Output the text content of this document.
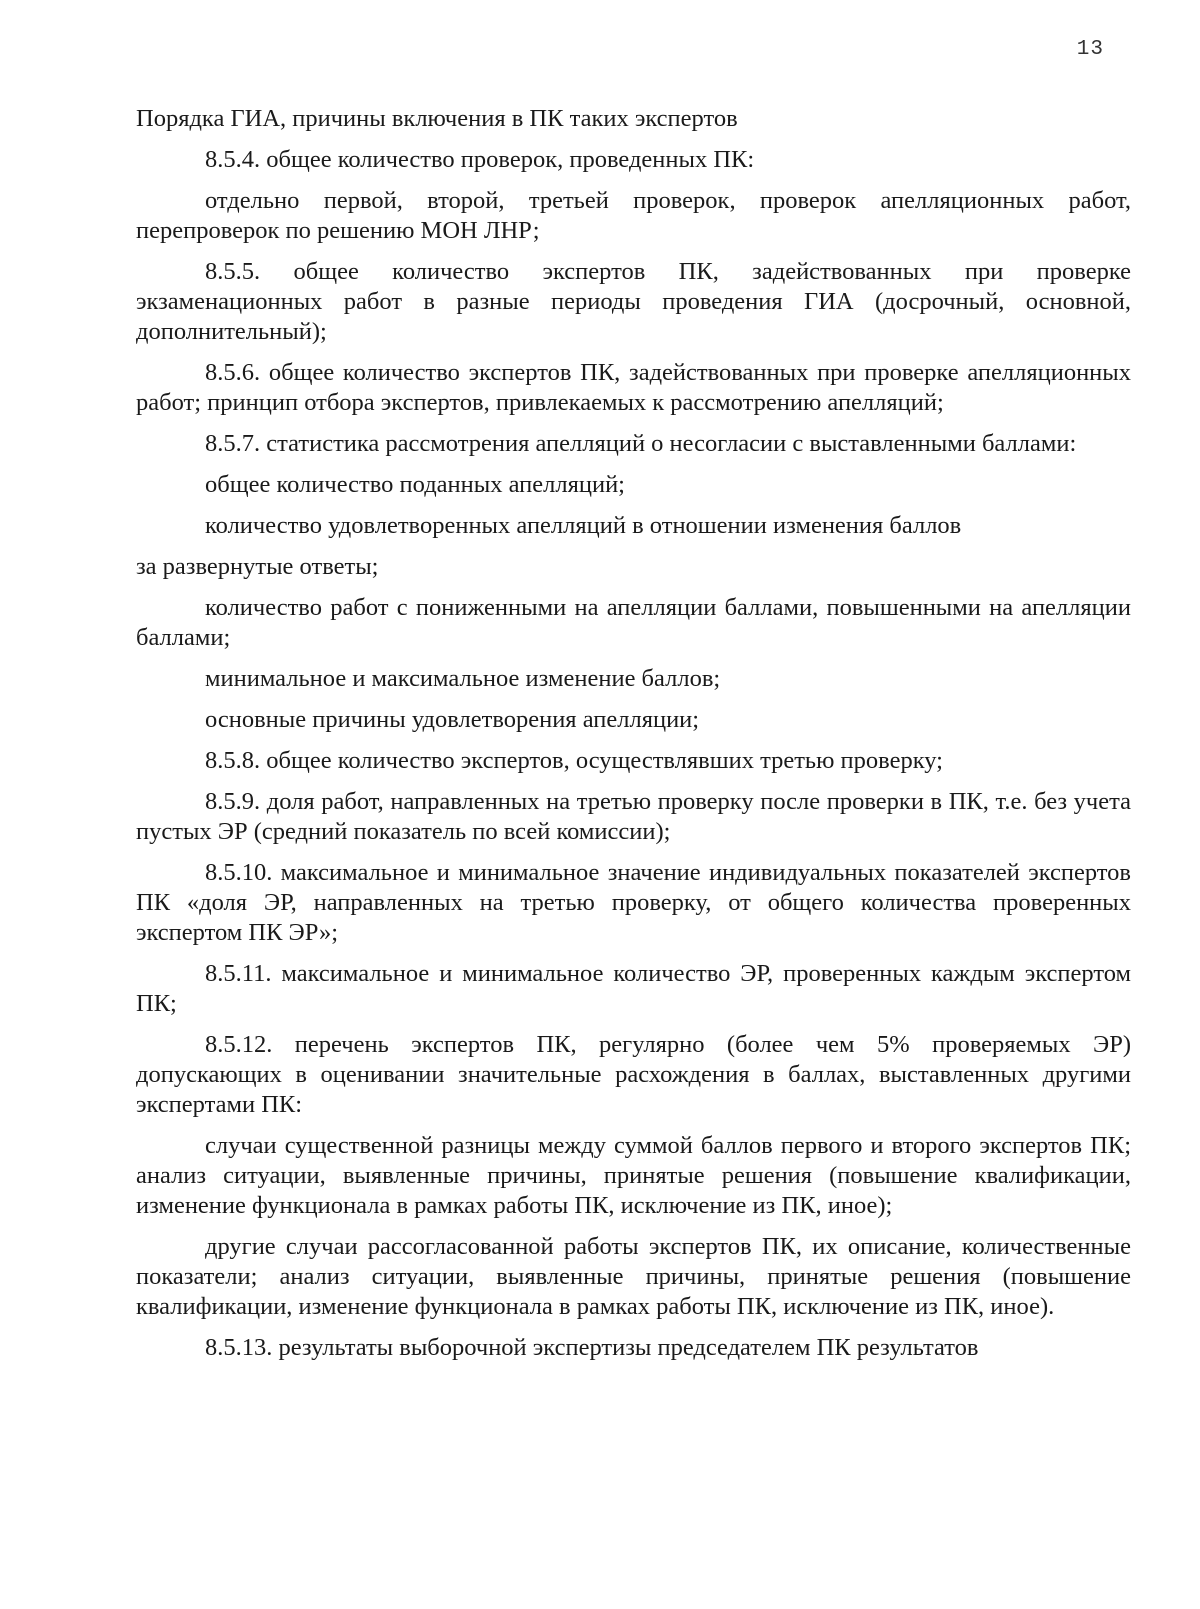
13

Порядка ГИА, причины включения в ПК таких экспертов

8.5.4. общее количество проверок, проведенных ПК:

отдельно первой, второй, третьей проверок, проверок апелляционных работ, перепроверок по решению МОН ЛНР;

8.5.5. общее количество экспертов ПК, задействованных при проверке экзаменационных работ в разные периоды проведения ГИА (досрочный, основной, дополнительный);

8.5.6. общее количество экспертов ПК, задействованных при проверке апелляционных работ; принцип отбора экспертов, привлекаемых к рассмотрению апелляций;

8.5.7. статистика рассмотрения апелляций о несогласии с выставленными баллами:

общее количество поданных апелляций;

количество удовлетворенных апелляций в отношении изменения баллов

за развернутые ответы;

количество работ с пониженными на апелляции баллами, повышенными на апелляции баллами;

минимальное и максимальное изменение баллов;

основные причины удовлетворения апелляции;

8.5.8. общее количество экспертов, осуществлявших третью проверку;

8.5.9. доля работ, направленных на третью проверку после проверки в ПК, т.е. без учета пустых ЭР (средний показатель по всей комиссии);

8.5.10. максимальное и минимальное значение индивидуальных показателей экспертов ПК «доля ЭР, направленных на третью проверку, от общего количества проверенных экспертом ПК ЭР»;

8.5.11. максимальное и минимальное количество ЭР, проверенных каждым экспертом ПК;

8.5.12. перечень экспертов ПК, регулярно (более чем 5% проверяемых ЭР) допускающих в оценивании значительные расхождения в баллах, выставленных другими экспертами ПК:

случаи существенной разницы между суммой баллов первого и второго экспертов ПК; анализ ситуации, выявленные причины, принятые решения (повышение квалификации, изменение функционала в рамках работы ПК, исключение из ПК, иное);

другие случаи рассогласованной работы экспертов ПК, их описание, количественные показатели; анализ ситуации, выявленные причины, принятые решения (повышение квалификации, изменение функционала в рамках работы ПК, исключение из ПК, иное).

8.5.13. результаты выборочной экспертизы председателем ПК результатов
